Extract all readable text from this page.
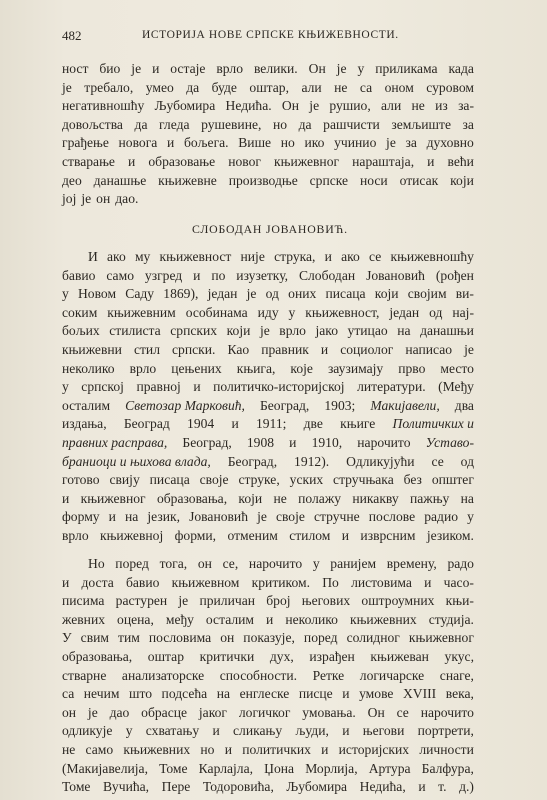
482	ИСТОРИЈА НОВЕ СРПСКЕ КЊИЖЕВНОСТИ.
ност био је и остаје врло велики. Он је у приликама када
је требало, умео да буде оштар, али не са оном суровом
негативношћу Љубомира Недића. Он је рушио, али не из за-
довољства да гледа рушевине, но да рашчисти земљиште за
грађење новога и бољега. Више но ико учинио је за духовно
стварање и образовање новог књижевног нараштаја, и већи
део данашње књижевне производње српске носи отисак који
јој је он дао.
СЛОБОДАН ЈОВАНОВИЋ.
И ако му књижевност није струка, и ако се књижевношћу
бавио само узгред и по изузетку, Слободан Јовановић (рођен
у Новом Саду 1869), један је од оних писаца који својим ви-
соким књижевним особинама иду у књижевност, један од нај-
бољих стилиста српских који је врло јако утицао на данашњи
књижевни стил српски. Као правник и социолог написао је
неколико врло цењених књига, које заузимају прво место
у српској правној и политичко-историјској литератури. (Међу
осталим Светозар Марковић, Београд, 1903; Макијавели, два
издања, Београд 1904 и 1911; две књиге Политичких и
правних расправа, Београд, 1908 и 1910, нарочито Уставо-
браниоци и њихова влада, Београд, 1912). Одликујући се од
готово свију писаца своје струке, уских стручњака без општег
и књижевног образовања, који не полажу никакву пажњу на
форму и на језик, Јовановић је своје стручне послове радио у
врло књижевној форми, отменим стилом и изврсним језиком.
Но поред тога, он се, нарочито у ранијем времену, радо
и доста бавио књижевном критиком. По листовима и часо-
писима растурен је приличан број његових оштроумних књи-
жевних оцена, међу осталим и неколико књижевних студија.
У свим тим пословима он показује, поред солидног књижевног
образовања, оштар критички дух, израђен књижеван укус,
стварне анализаторске способности. Ретке логичарске снаге,
са нечим што подсећа на енглеске писце и умове XVIII века,
он је дао обрасце јаког логичког умовања. Он се нарочито
одликује у схватању и сликању људи, и његови портрети,
не само књижевних но и политичких и историјских личности
(Макијавелија, Томе Карлајла, Џона Морлија, Артура Балфура,
Томе Вучића, Пере Тодоровића, Љубомира Недића, и т. д.)
